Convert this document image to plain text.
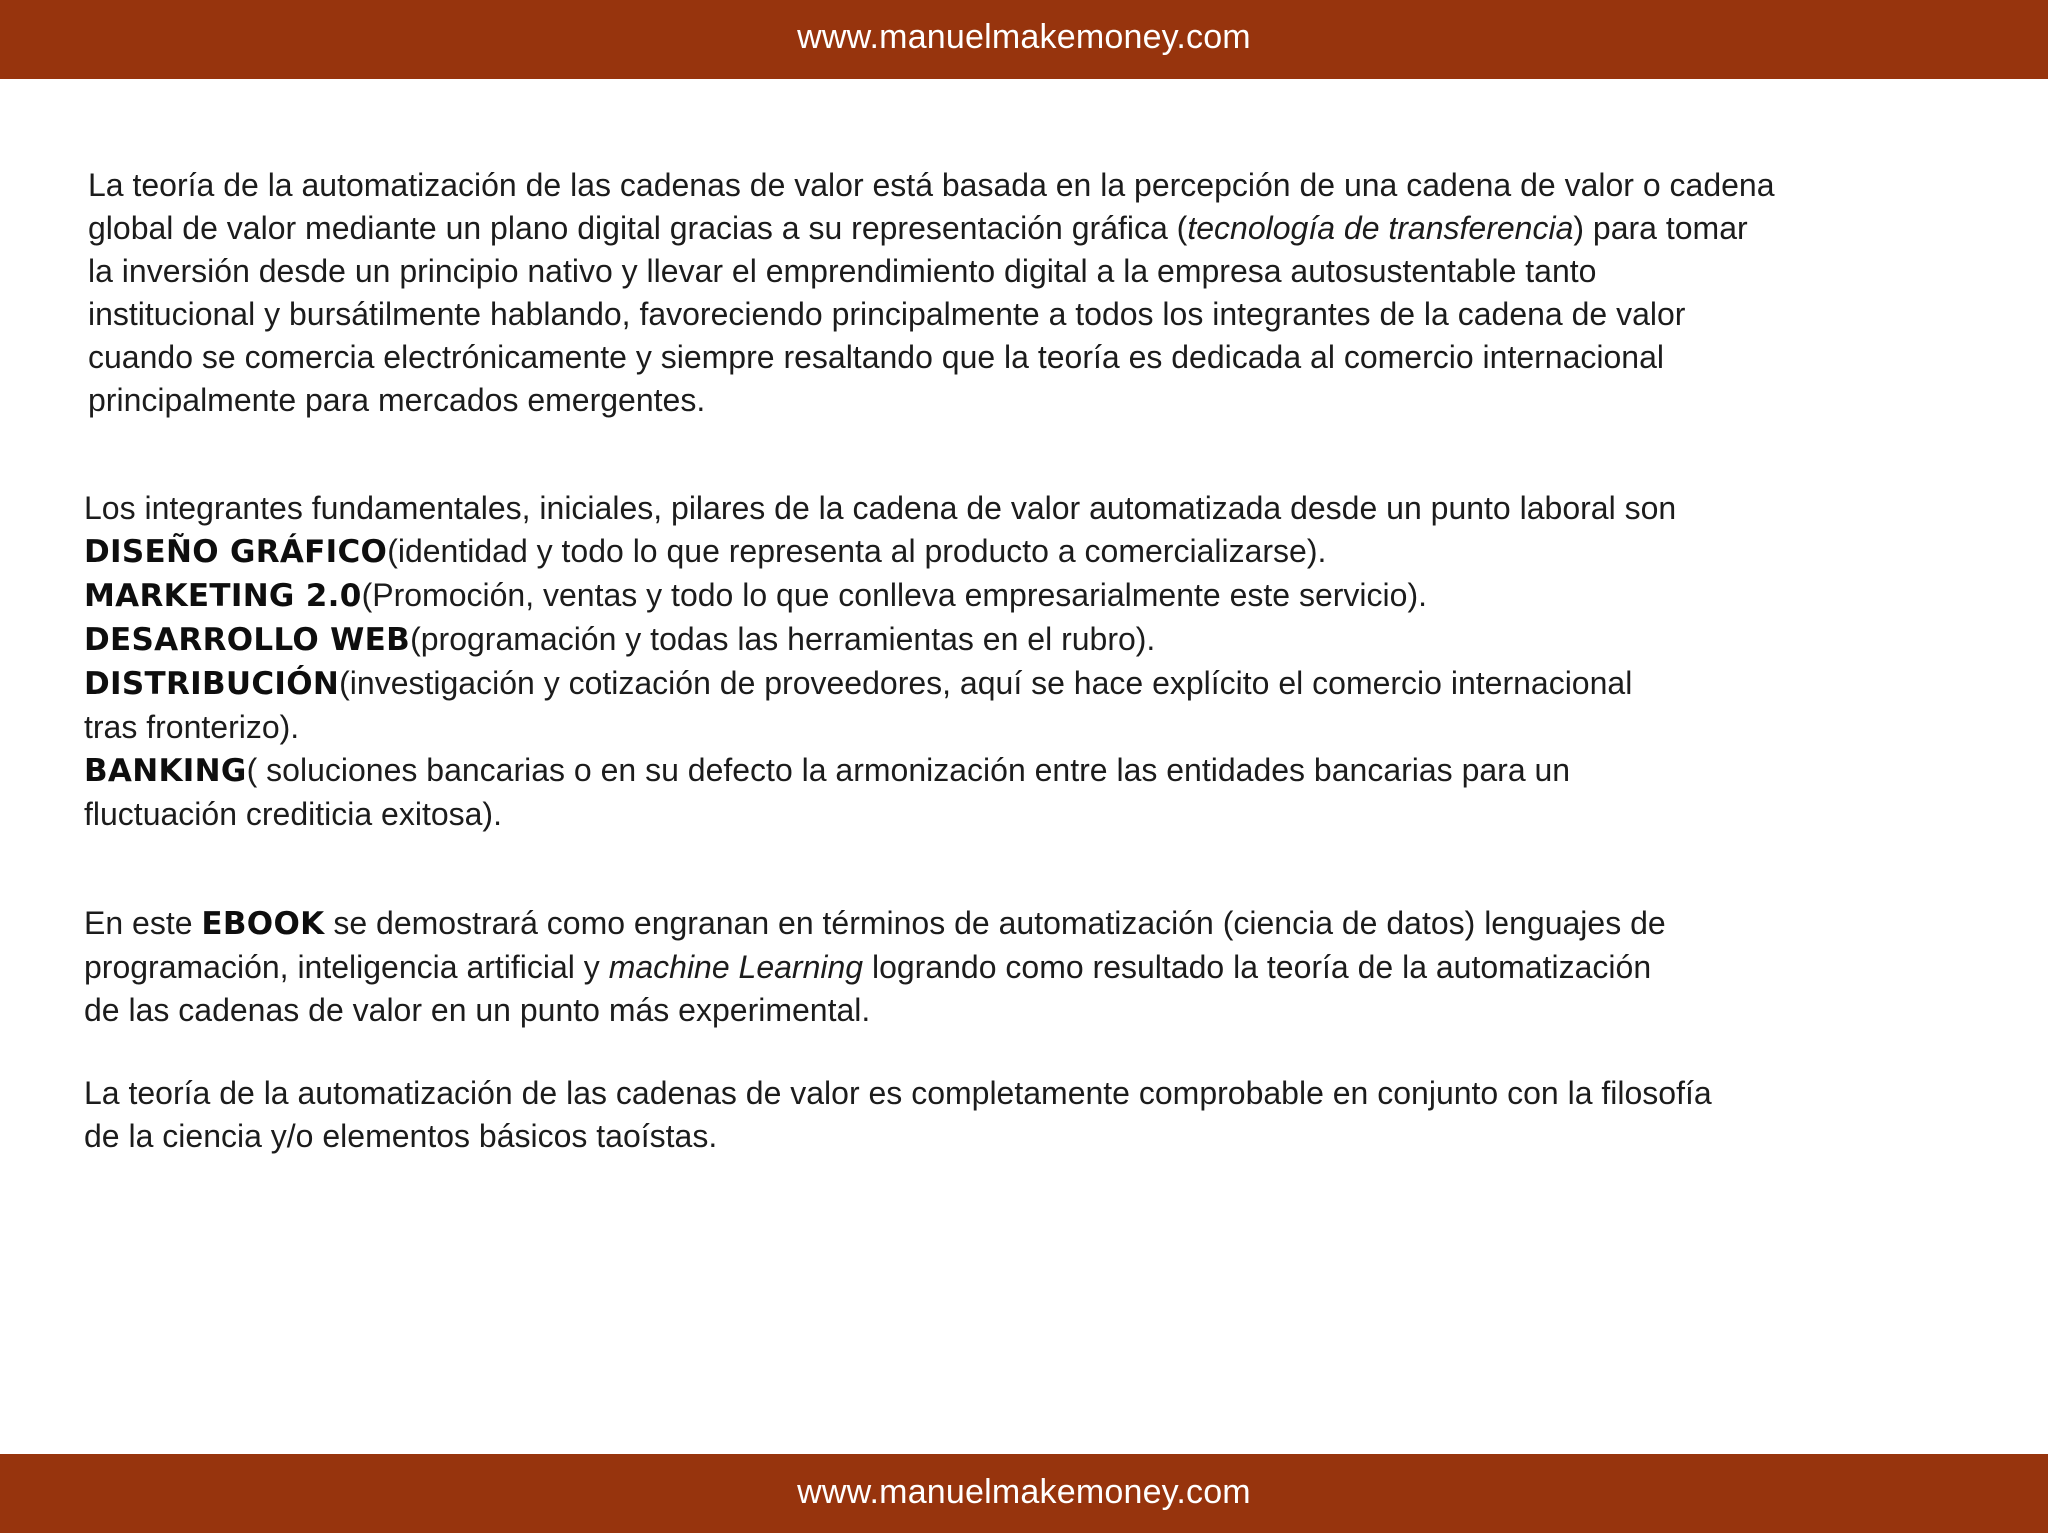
www.manuelmakemoney.com

La teoría de la automatización de las cadenas de valor está basada en la percepción de una cadena de valor o cadena
global de valor mediante un plano digital gracias a su representación gráfica (tecnología de transferencia) para tomar
la inversión desde un principio nativo y llevar el emprendimiento digital a la empresa autosustentable tanto
institucional y bursátilmente hablando, favoreciendo principalmente a todos los integrantes de la cadena de valor
cuando se comercia electrónicamente y siempre resaltando que la teoría es dedicada al comercio internacional
principalmente para mercados emergentes.

Los integrantes fundamentales, iniciales, pilares de la cadena de valor automatizada desde un punto laboral son
DISEÑO GRÁFICO(identidad y todo lo que representa al producto a comercializarse).
MARKETING 2.0(Promoción, ventas y todo lo que conlleva empresarialmente este servicio).
DESARROLLO WEB(programación y todas las herramientas en el rubro).
DISTRIBUCIÓN(investigación y cotización de proveedores, aquí se hace explícito el comercio internacional
tras fronterizo).
BANKING( soluciones bancarias o en su defecto la armonización entre las entidades bancarias para un
fluctuación crediticia exitosa).

En este EBOOK se demostrará como engranan en términos de automatización (ciencia de datos) lenguajes de
programación, inteligencia artificial y machine Learning logrando como resultado la teoría de la automatización
de las cadenas de valor en un punto más experimental.

La teoría de la automatización de las cadenas de valor es completamente comprobable en conjunto con la filosofía
de la ciencia y/o elementos básicos taoístas.

www.manuelmakemoney.com
